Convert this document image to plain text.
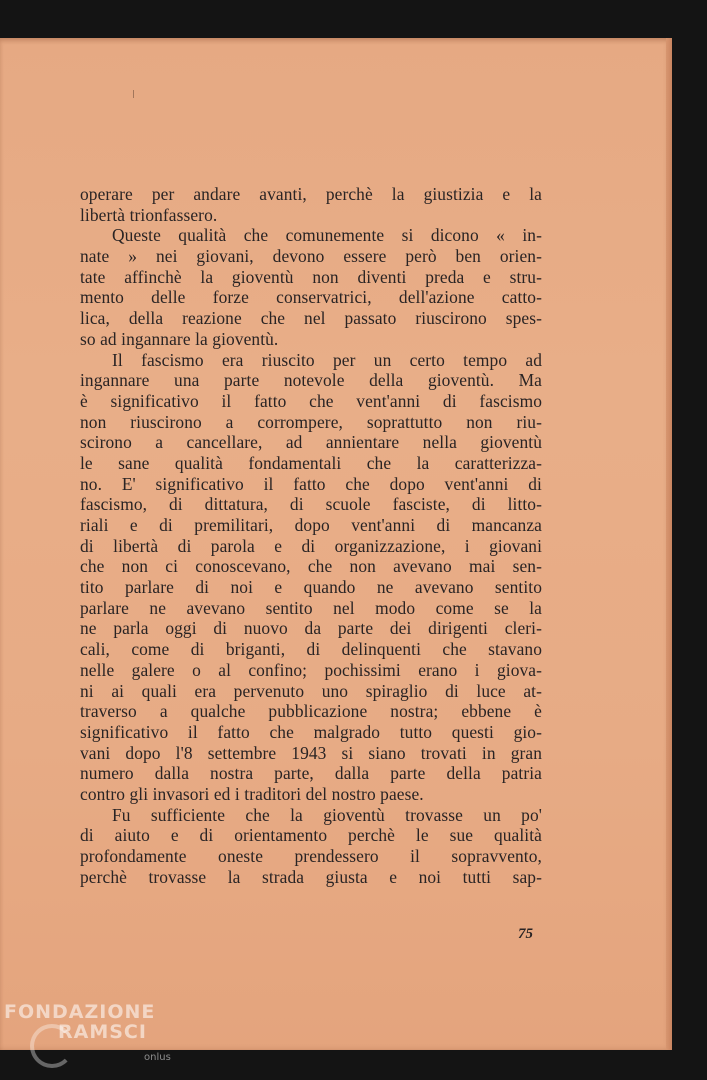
operare per andare avanti, perchè la giustizia e la
libertà trionfassero.
Queste qualità che comunemente si dicono « in-
nate » nei giovani, devono essere però ben orien-
tate affinchè la gioventù non diventi preda e stru-
mento delle forze conservatrici, dell'azione catto-
lica, della reazione che nel passato riuscirono spes-
so ad ingannare la gioventù.
Il fascismo era riuscito per un certo tempo ad
ingannare una parte notevole della gioventù. Ma
è significativo il fatto che vent'anni di fascismo
non riuscirono a corrompere, soprattutto non riu-
scirono a cancellare, ad annientare nella gioventù
le sane qualità fondamentali che la caratterizza-
no. E' significativo il fatto che dopo vent'anni di
fascismo, di dittatura, di scuole fasciste, di litto-
riali e di premilitari, dopo vent'anni di mancanza
di libertà di parola e di organizzazione, i giovani
che non ci conoscevano, che non avevano mai sen-
tito parlare di noi e quando ne avevano sentito
parlare ne avevano sentito nel modo come se la
ne parla oggi di nuovo da parte dei dirigenti cleri-
cali, come di briganti, di delinquenti che stavano
nelle galere o al confino; pochissimi erano i giova-
ni ai quali era pervenuto uno spiraglio di luce at-
traverso a qualche pubblicazione nostra; ebbene è
significativo il fatto che malgrado tutto questi gio-
vani dopo l'8 settembre 1943 si siano trovati in gran
numero dalla nostra parte, dalla parte della patria
contro gli invasori ed i traditori del nostro paese.
Fu sufficiente che la gioventù trovasse un po'
di aiuto e di orientamento perchè le sue qualità
profondamente oneste prendessero il sopravvento,
perchè trovasse la strada giusta e noi tutti sap-
75
FONDAZIONE
RAMSCI
onlus
